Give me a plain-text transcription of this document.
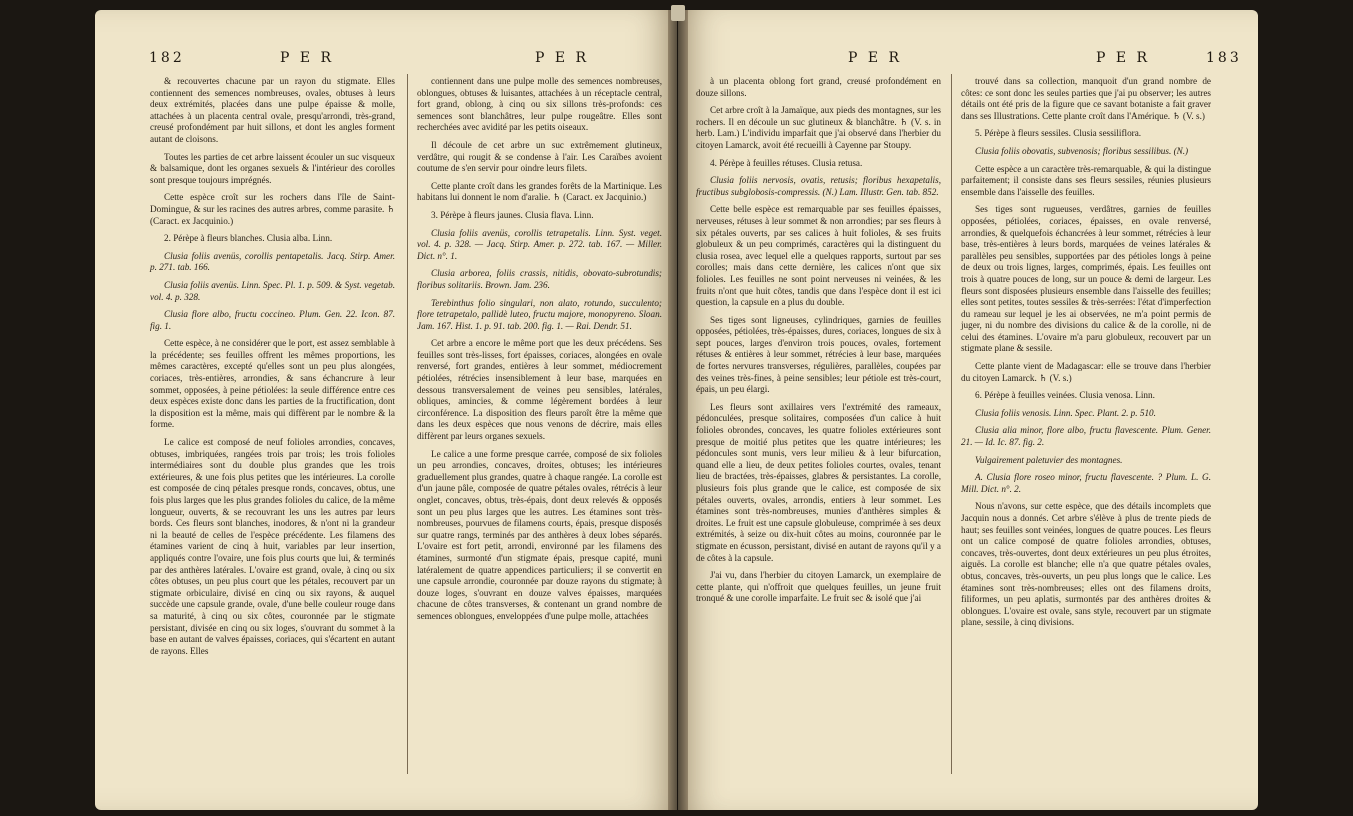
182	P E R	P E R

& recouvertes chacune par un rayon du stigmate. Elles contiennent des semences nombreuses, ovales, obtuses à leurs deux extrémités, placées dans une pulpe épaisse & molle, attachées à un placenta central ovale, presqu'arrondi, très-grand, creusé profondément par huit sillons, et dont les angles forment autant de cloisons.

Toutes les parties de cet arbre laissent écouler un suc visqueux & balsamique, dont les organes sexuels & l'intérieur des corolles sont presque toujours imprégnés.

Cette espèce croît sur les rochers dans l'île de Saint-Domingue, & sur les racines des autres arbres, comme parasite. ♄ (Caract. ex Jacquinio.)

2. Pérèpe à fleurs blanches. Clusia alba. Linn.

Clusia foliis avenüs, corollis pentapetalis. Jacq. Stirp. Amer. p. 271. tab. 166.

Clusia foliis avenüs. Linn. Spec. Pl. 1. p. 509. & Syst. vegetab. vol. 4. p. 328.

Clusia flore albo, fructu coccineo. Plum. Gen. 22. Icon. 87. fig. 1.

Cette espèce, à ne considérer que le port, est assez semblable à la précédente; ses feuilles offrent les mêmes proportions, les mêmes caractères, excepté qu'elles sont un peu plus alongées, coriaces, très-entières, arrondies, & sans échancrure à leur sommet, opposées, à peine pétiolées: la seule différence entre ces deux espèces existe donc dans les parties de la fructification, dont la disposition est la même, mais qui diffèrent par le nombre & la forme.

Le calice est composé de neuf folioles arrondies, concaves, obtuses, imbriquées, rangées trois par trois; les trois folioles intermédiaires sont du double plus grandes que les trois extérieures, & une fois plus petites que les intérieures. La corolle est composée de cinq pétales presque ronds, concaves, obtus, une fois plus larges que les plus grandes folioles du calice, de la même longueur, ouverts, & se recouvrant les uns les autres par leurs bords. Ces fleurs sont blanches, inodores, & n'ont ni la grandeur ni la beauté de celles de l'espèce précédente. Les filamens des étamines varient de cinq à huit, variables par leur insertion, appliqués contre l'ovaire, une fois plus courts que lui, & terminés par des anthères latérales. L'ovaire est grand, ovale, à cinq ou six côtes obtuses, un peu plus court que les pétales, recouvert par un stigmate orbiculaire, divisé en cinq ou six rayons, & auquel succède une capsule grande, ovale, d'une belle couleur rouge dans sa maturité, à cinq ou six côtes, couronnée par le stigmate persistant, divisée en cinq ou six loges, s'ouvrant du sommet à la base en autant de valves épaisses, coriaces, qui s'écartent en autant de rayons. Elles

contiennent dans une pulpe molle des semences nombreuses, oblongues, obtuses & luisantes, attachées à un réceptacle central, fort grand, oblong, à cinq ou six sillons très-profonds: ces semences sont blanchâtres, leur pulpe rougeâtre. Elles sont recherchées avec avidité par les petits oiseaux.

Il découle de cet arbre un suc extrêmement glutineux, verdâtre, qui rougit & se condense à l'air. Les Caraïbes avoient coutume de s'en servir pour oindre leurs filets.

Cette plante croît dans les grandes forêts de la Martinique. Les habitans lui donnent le nom d'aralie. ♄ (Caract. ex Jacquinio.)

3. Pérèpe à fleurs jaunes. Clusia flava. Linn.

Clusia foliis avenüs, corollis tetrapetalis. Linn. Syst. veget. vol. 4. p. 328. — Jacq. Stirp. Amer. p. 272. tab. 167. — Miller. Dict. n°. 1.

Clusia arborea, foliis crassis, nitidis, obovato-subrotundis; floribus solitariis. Brown. Jam. 236.

Terebinthus folio singulari, non alato, rotundo, succulento; flore tetrapetalo, pallidè luteo, fructu majore, monopyreno. Sloan. Jam. 167. Hist. 1. p. 91. tab. 200. fig. 1. — Rai. Dendr. 51.

Cet arbre a encore le même port que les deux précédens. Ses feuilles sont très-lisses, fort épaisses, coriaces, alongées en ovale renversé, fort grandes, entières à leur sommet, médiocrement pétiolées, rétrécies insensiblement à leur base, marquées en dessous transversalement de veines peu sensibles, latérales, obliques, amincies, & comme légèrement bordées à leur circonférence. La disposition des fleurs paroît être la même que dans les deux espèces que nous venons de décrire, mais elles diffèrent par leurs organes sexuels.

Le calice a une forme presque carrée, composé de six folioles un peu arrondies, concaves, droites, obtuses; les intérieures graduellement plus grandes, quatre à chaque rangée. La corolle est d'un jaune pâle, composée de quatre pétales ovales, rétrécis à leur onglet, concaves, obtus, très-épais, dont deux relevés & opposés sont un peu plus larges que les autres. Les étamines sont très-nombreuses, pourvues de filamens courts, épais, presque disposés sur quatre rangs, terminés par des anthères à deux lobes séparés. L'ovaire est fort petit, arrondi, environné par les filamens des étamines, surmonté d'un stigmate épais, presque capité, muni latéralement de quatre appendices particuliers; il se convertit en une capsule arrondie, couronnée par douze rayons du stigmate; à douze loges, s'ouvrant en douze valves épaisses, marquées chacune de côtes transverses, & contenant un grand nombre de semences oblongues, enveloppées d'une pulpe molle, attachées

P E R	P E R	183

à un placenta oblong fort grand, creusé profondément en douze sillons.

Cet arbre croît à la Jamaïque, aux pieds des montagnes, sur les rochers. Il en découle un suc glutineux & blanchâtre. ♄ (V. s. in herb. Lam.) L'individu imparfait que j'ai observé dans l'herbier du citoyen Lamarck, avoit été recueilli à Cayenne par Stoupy.

4. Pérèpe à feuilles rétuses. Clusia retusa.

Clusia foliis nervosis, ovatis, retusis; floribus hexapetalis, fructibus subglobosis-compressis. (N.) Lam. Illustr. Gen. tab. 852.

Cette belle espèce est remarquable par ses feuilles épaisses, nerveuses, rétuses à leur sommet & non arrondies; par ses fleurs à six pétales ouverts, par ses calices à huit folioles, & ses fruits globuleux & un peu comprimés, caractères qui la distinguent du clusia rosea, avec lequel elle a quelques rapports, surtout par ses corolles; mais dans cette dernière, les calices n'ont que six folioles. Les feuilles ne sont point nerveuses ni veinées, & les fruits n'ont que huit côtes, tandis que dans l'espèce dont il est ici question, la capsule en a plus du double.

Ses tiges sont ligneuses, cylindriques, garnies de feuilles opposées, pétiolées, très-épaisses, dures, coriaces, longues de six à sept pouces, larges d'environ trois pouces, ovales, fortement rétuses & entières à leur sommet, rétrécies à leur base, marquées de fortes nervures transverses, régulières, parallèles, coupées par des veines très-fines, à peine sensibles; leur pétiole est très-court, épais, un peu élargi.

Les fleurs sont axillaires vers l'extrémité des rameaux, pédonculées, presque solitaires, composées d'un calice à huit folioles obrondes, concaves, les quatre folioles extérieures sont presque de moitié plus petites que les quatre intérieures; les pédoncules sont munis, vers leur milieu & à leur bifurcation, quand elle a lieu, de deux petites folioles courtes, ovales, tenant lieu de bractées, très-épaisses, glabres & persistantes. La corolle, plusieurs fois plus grande que le calice, est composée de six pétales ouverts, ovales, arrondis, entiers à leur sommet. Les étamines sont très-nombreuses, munies d'anthères simples & droites. Le fruit est une capsule globuleuse, comprimée à ses deux extrémités, à seize ou dix-huit côtes au moins, couronnée par le stigmate en écusson, persistant, divisé en autant de rayons qu'il y a de côtes à la capsule.

J'ai vu, dans l'herbier du citoyen Lamarck, un exemplaire de cette plante, qui n'offroit que quelques feuilles, un jeune fruit tronqué & une corolle imparfaite. Le fruit sec & isolé que j'ai

trouvé dans sa collection, manquoit d'un grand nombre de côtes: ce sont donc les seules parties que j'ai pu observer; les autres détails ont été pris de la figure que ce savant botaniste a fait graver dans ses Illustrations. Cette plante croît dans l'Amérique. ♄ (V. s.)

5. Pérèpe à fleurs sessiles. Clusia sessiliflora.

Clusia foliis obovatis, subvenosis; floribus sessilibus. (N.)

Cette espèce a un caractère très-remarquable, & qui la distingue parfaitement; il consiste dans ses fleurs sessiles, réunies plusieurs ensemble dans l'aisselle des feuilles.

Ses tiges sont rugueuses, verdâtres, garnies de feuilles opposées, pétiolées, coriaces, épaisses, en ovale renversé, arrondies, & quelquefois échancrées à leur sommet, rétrécies à leur base, très-entières à leurs bords, marquées de veines latérales & parallèles peu sensibles, supportées par des pétioles longs à peine de deux ou trois lignes, larges, comprimés, épais. Les feuilles ont trois à quatre pouces de long, sur un pouce & demi de largeur. Les fleurs sont disposées plusieurs ensemble dans l'aisselle des feuilles; elles sont petites, toutes sessiles & très-serrées: l'état d'imperfection du rameau sur lequel je les ai observées, ne m'a point permis de juger, ni du nombre des divisions du calice & de la corolle, ni de celui des étamines. L'ovaire m'a paru globuleux, recouvert par un stigmate plane & sessile.

Cette plante vient de Madagascar: elle se trouve dans l'herbier du citoyen Lamarck. ♄ (V. s.)

6. Pérèpe à feuilles veinées. Clusia venosa. Linn.

Clusia foliis venosis. Linn. Spec. Plant. 2. p. 510.

Clusia alia minor, flore albo, fructu flavescente. Plum. Gener. 21. — Id. Ic. 87. fig. 2.

Vulgairement paletuvier des montagnes.

A. Clusia flore roseo minor, fructu flavescente. ? Plum. L. G. Mill. Dict. n°. 2.

Nous n'avons, sur cette espèce, que des détails incomplets que Jacquin nous a donnés. Cet arbre s'élève à plus de trente pieds de haut; ses feuilles sont veinées, longues de quatre pouces. Les fleurs ont un calice composé de quatre folioles arrondies, obtuses, concaves, très-ouvertes, dont deux extérieures un peu plus étroites, aiguës. La corolle est blanche; elle n'a que quatre pétales ovales, obtus, concaves, très-ouverts, un peu plus longs que le calice. Les étamines sont très-nombreuses; elles ont des filamens droits, filiformes, un peu aplatis, surmontés par des anthères droites & oblongues. L'ovaire est ovale, sans style, recouvert par un stigmate plane, sessile, à cinq divisions.
